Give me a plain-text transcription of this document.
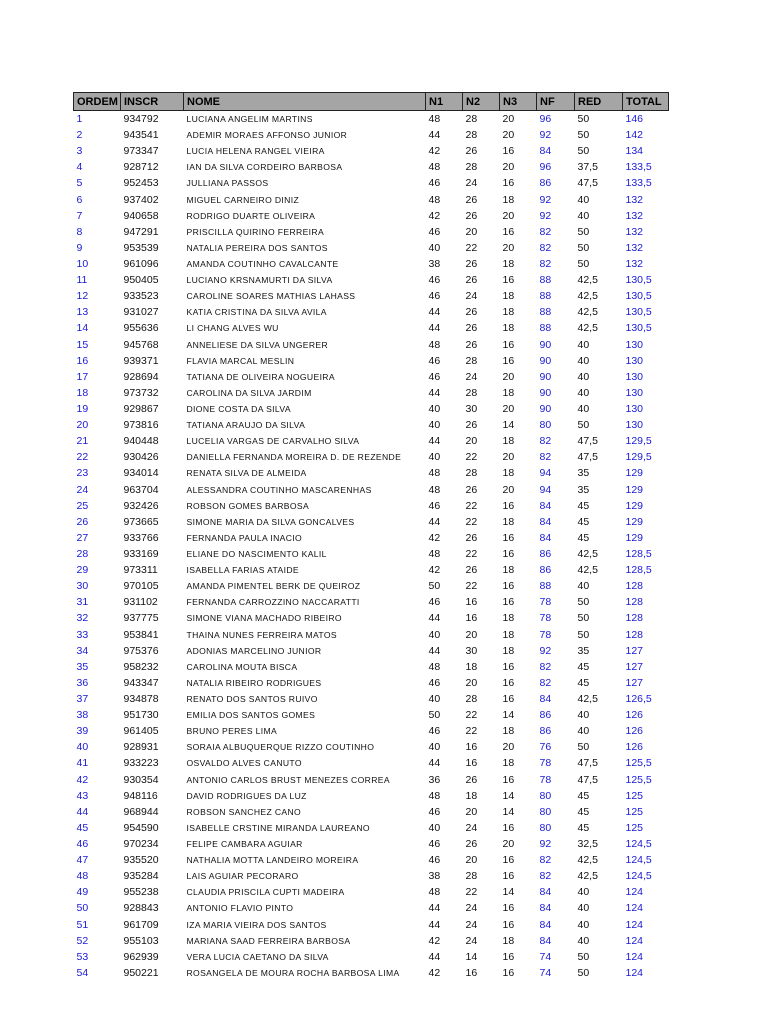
ORDEM	INSCR	NOME	N1	N2	N3	NF	RED	TOTAL
1	934792	LUCIANA ANGELIM MARTINS	48	28	20	96	50	146
2	943541	ADEMIR MORAES AFFONSO JUNIOR	44	28	20	92	50	142
3	973347	LUCIA HELENA RANGEL VIEIRA	42	26	16	84	50	134
4	928712	IAN DA SILVA CORDEIRO BARBOSA	48	28	20	96	37,5	133,5
5	952453	JULLIANA PASSOS	46	24	16	86	47,5	133,5
6	937402	MIGUEL CARNEIRO DINIZ	48	26	18	92	40	132
7	940658	RODRIGO DUARTE OLIVEIRA	42	26	20	92	40	132
8	947291	PRISCILLA QUIRINO FERREIRA	46	20	16	82	50	132
9	953539	NATALIA PEREIRA DOS SANTOS	40	22	20	82	50	132
10	961096	AMANDA COUTINHO CAVALCANTE	38	26	18	82	50	132
11	950405	LUCIANO KRSNAMURTI DA SILVA	46	26	16	88	42,5	130,5
12	933523	CAROLINE SOARES MATHIAS LAHASS	46	24	18	88	42,5	130,5
13	931027	KATIA CRISTINA DA SILVA AVILA	44	26	18	88	42,5	130,5
14	955636	LI CHANG ALVES WU	44	26	18	88	42,5	130,5
15	945768	ANNELIESE DA SILVA UNGERER	48	26	16	90	40	130
16	939371	FLAVIA MARCAL MESLIN	46	28	16	90	40	130
17	928694	TATIANA DE OLIVEIRA NOGUEIRA	46	24	20	90	40	130
18	973732	CAROLINA DA SILVA JARDIM	44	28	18	90	40	130
19	929867	DIONE COSTA DA SILVA	40	30	20	90	40	130
20	973816	TATIANA ARAUJO DA SILVA	40	26	14	80	50	130
21	940448	LUCELIA VARGAS DE CARVALHO SILVA	44	20	18	82	47,5	129,5
22	930426	DANIELLA FERNANDA MOREIRA D. DE REZENDE	40	22	20	82	47,5	129,5
23	934014	RENATA SILVA DE ALMEIDA	48	28	18	94	35	129
24	963704	ALESSANDRA COUTINHO MASCARENHAS	48	26	20	94	35	129
25	932426	ROBSON GOMES BARBOSA	46	22	16	84	45	129
26	973665	SIMONE MARIA DA SILVA GONCALVES	44	22	18	84	45	129
27	933766	FERNANDA PAULA INACIO	42	26	16	84	45	129
28	933169	ELIANE DO NASCIMENTO KALIL	48	22	16	86	42,5	128,5
29	973311	ISABELLA FARIAS ATAIDE	42	26	18	86	42,5	128,5
30	970105	AMANDA PIMENTEL BERK DE QUEIROZ	50	22	16	88	40	128
31	931102	FERNANDA CARROZZINO NACCARATTI	46	16	16	78	50	128
32	937775	SIMONE VIANA MACHADO RIBEIRO	44	16	18	78	50	128
33	953841	THAINA NUNES FERREIRA MATOS	40	20	18	78	50	128
34	975376	ADONIAS MARCELINO JUNIOR	44	30	18	92	35	127
35	958232	CAROLINA MOUTA BISCA	48	18	16	82	45	127
36	943347	NATALIA RIBEIRO RODRIGUES	46	20	16	82	45	127
37	934878	RENATO DOS SANTOS RUIVO	40	28	16	84	42,5	126,5
38	951730	EMILIA DOS SANTOS GOMES	50	22	14	86	40	126
39	961405	BRUNO PERES LIMA	46	22	18	86	40	126
40	928931	SORAIA ALBUQUERQUE RIZZO COUTINHO	40	16	20	76	50	126
41	933223	OSVALDO ALVES CANUTO	44	16	18	78	47,5	125,5
42	930354	ANTONIO CARLOS BRUST MENEZES CORREA	36	26	16	78	47,5	125,5
43	948116	DAVID RODRIGUES DA LUZ	48	18	14	80	45	125
44	968944	ROBSON SANCHEZ CANO	46	20	14	80	45	125
45	954590	ISABELLE CRSTINE MIRANDA LAUREANO	40	24	16	80	45	125
46	970234	FELIPE CAMBARA AGUIAR	46	26	20	92	32,5	124,5
47	935520	NATHALIA MOTTA LANDEIRO MOREIRA	46	20	16	82	42,5	124,5
48	935284	LAIS AGUIAR PECORARO	38	28	16	82	42,5	124,5
49	955238	CLAUDIA PRISCILA CUPTI MADEIRA	48	22	14	84	40	124
50	928843	ANTONIO FLAVIO PINTO	44	24	16	84	40	124
51	961709	IZA MARIA VIEIRA DOS SANTOS	44	24	16	84	40	124
52	955103	MARIANA SAAD FERREIRA BARBOSA	42	24	18	84	40	124
53	962939	VERA LUCIA CAETANO DA SILVA	44	14	16	74	50	124
54	950221	ROSANGELA DE MOURA ROCHA BARBOSA LIMA	42	16	16	74	50	124
